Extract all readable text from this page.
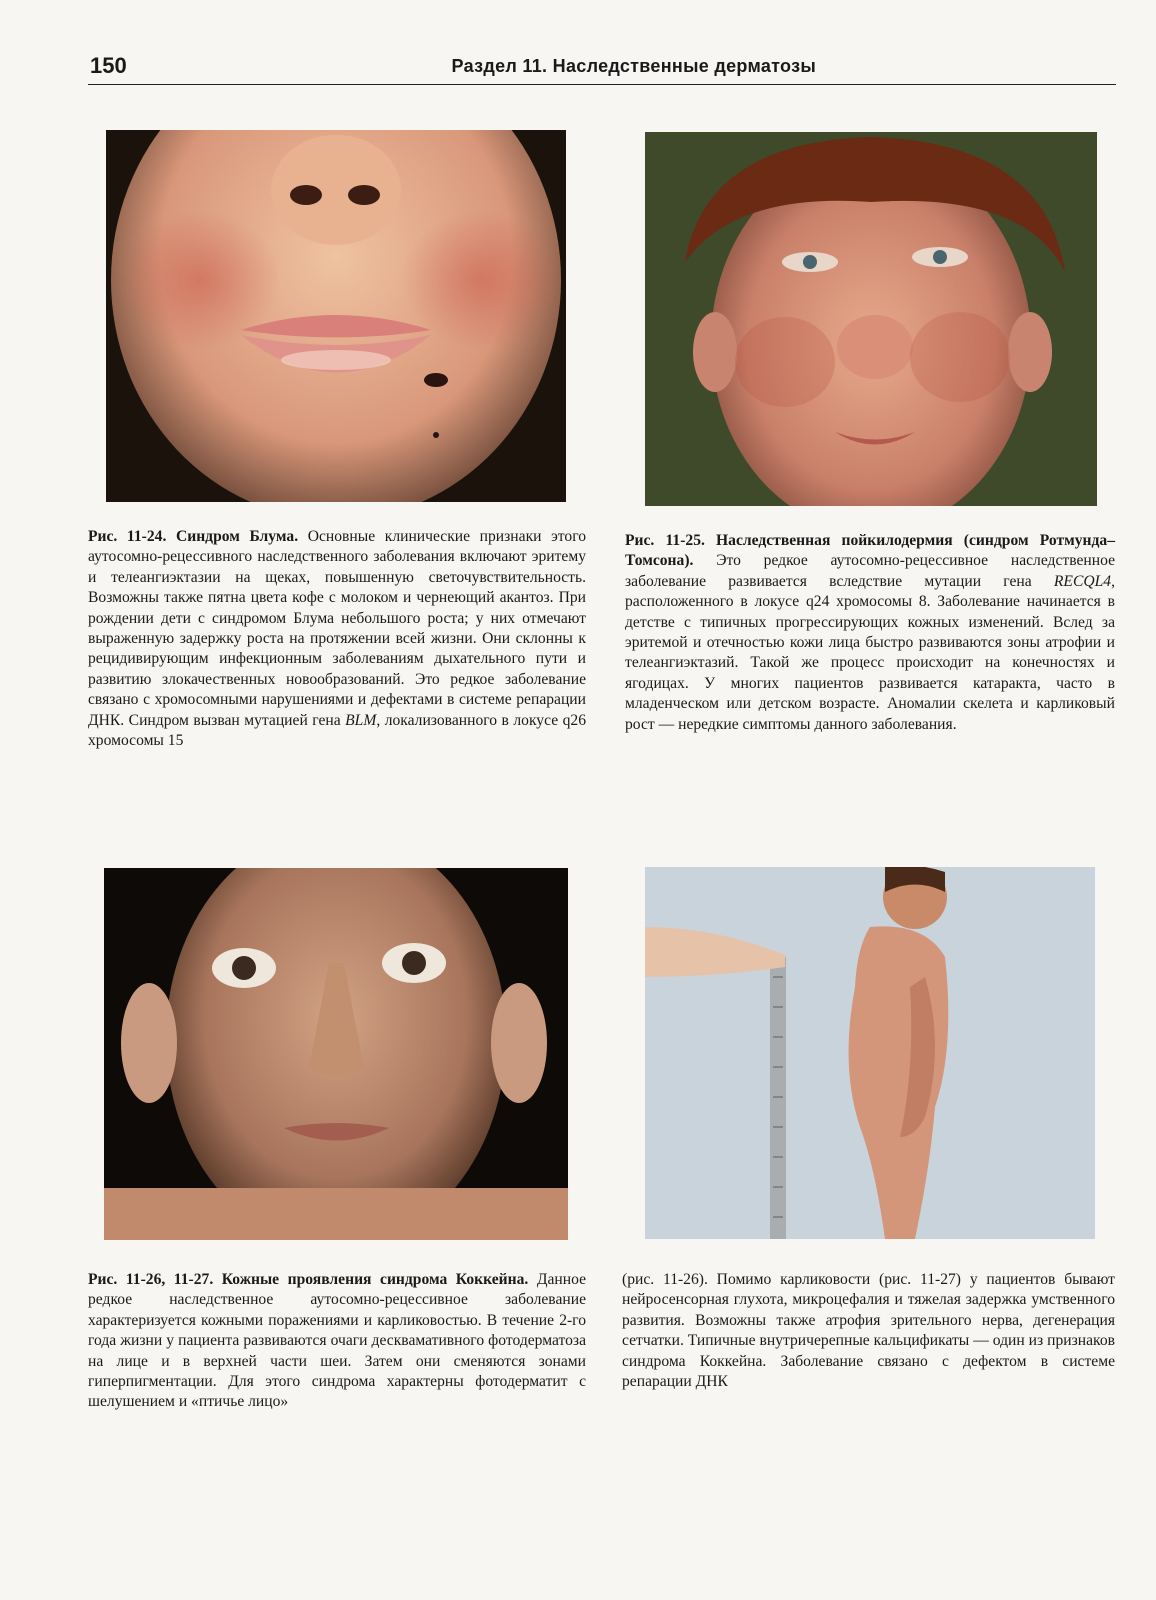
150	Раздел 11. Наследственные дерматозы
Рис. 11-24. Синдром Блума. Основные клинические признаки этого аутосомно-рецессивного наследственного заболевания включают эритему и телеангиэктазии на щеках, повышенную светочувствительность. Возможны также пятна цвета кофе с молоком и чернеющий акантоз. При рождении дети с синдромом Блума небольшого роста; у них отмечают выраженную задержку роста на протяжении всей жизни. Они склонны к рецидивирующим инфекционным заболеваниям дыхательного пути и развитию злокачественных новообразований. Это редкое заболевание связано с хромосомными нарушениями и дефектами в системе репарации ДНК. Синдром вызван мутацией гена BLM, локализованного в локусе q26 хромосомы 15
Рис. 11-25. Наследственная пойкилодермия (синдром Ротмунда–Томсона). Это редкое аутосомно-рецессивное наследственное заболевание развивается вследствие мутации гена RECQL4, расположенного в локусе q24 хромосомы 8. Заболевание начинается в детстве с типичных прогрессирующих кожных изменений. Вслед за эритемой и отечностью кожи лица быстро развиваются зоны атрофии и телеангиэктазий. Такой же процесс происходит на конечностях и ягодицах. У многих пациентов развивается катаракта, часто в младенческом или детском возрасте. Аномалии скелета и карликовый рост — нередкие симптомы данного заболевания.
Рис. 11-26, 11-27. Кожные проявления синдрома Коккейна. Данное редкое наследственное аутосомно-рецессивное заболевание характеризуется кожными поражениями и карликовостью. В течение 2-го года жизни у пациента развиваются очаги десквамативного фотодерматоза на лице и в верхней части шеи. Затем они сменяются зонами гиперпигментации. Для этого синдрома характерны фотодерматит с шелушением и «птичье лицо»
(рис. 11-26). Помимо карликовости (рис. 11-27) у пациентов бывают нейросенсорная глухота, микроцефалия и тяжелая задержка умственного развития. Возможны также атрофия зрительного нерва, дегенерация сетчатки. Типичные внутричерепные кальцификаты — один из признаков синдрома Коккейна. Заболевание связано с дефектом в системе репарации ДНК
